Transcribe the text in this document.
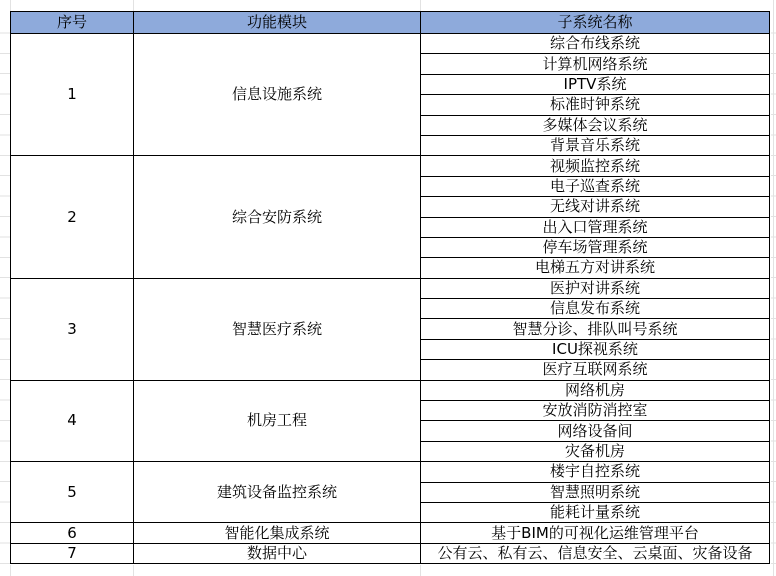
序号	功能模块	子系统名称
1	信息设施系统	综合布线系统
		计算机网络系统
		IPTV系统
		标准时钟系统
		多媒体会议系统
		背景音乐系统
2	综合安防系统	视频监控系统
		电子巡查系统
		无线对讲系统
		出入口管理系统
		停车场管理系统
		电梯五方对讲系统
3	智慧医疗系统	医护对讲系统
		信息发布系统
		智慧分诊、排队叫号系统
		ICU探视系统
		医疗互联网系统
4	机房工程	网络机房
		安放消防消控室
		网络设备间
		灾备机房
5	建筑设备监控系统	楼宇自控系统
		智慧照明系统
		能耗计量系统
6	智能化集成系统	基于BIM的可视化运维管理平台
7	数据中心	公有云、私有云、信息安全、云桌面、灾备设备
